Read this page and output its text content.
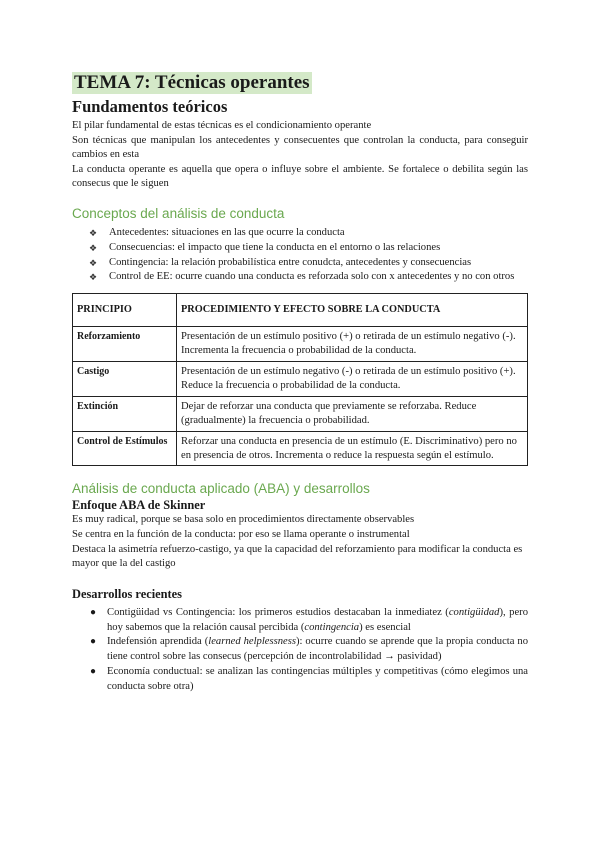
TEMA 7: Técnicas operantes
Fundamentos teóricos

El pilar fundamental de estas técnicas es el condicionamiento operante

Son técnicas que manipulan los antecedentes y consecuentes que controlan la conducta, para conseguir cambios en esta

La conducta operante es aquella que opera o influye sobre el ambiente. Se fortalece o debilita según las consecus que le siguen

Conceptos del análisis de conducta
❖ Antecedentes: situaciones en las que ocurre la conducta
❖ Consecuencias: el impacto que tiene la conducta en el entorno o las relaciones
❖ Contingencia: la relación probabilística entre conudcta, antecedentes y consecuencias
❖ Control de EE: ocurre cuando una conducta es reforzada solo con x antecedentes y no con otros
PRINCIPIO	PROCEDIMIENTO Y EFECTO SOBRE LA CONDUCTA
Reforzamiento	Presentación de un estímulo positivo (+) o retirada de un estímulo negativo (-). Incrementa la frecuencia o probabilidad de la conducta.
Castigo	Presentación de un estímulo negativo (-) o retirada de un estímulo positivo (+). Reduce la frecuencia o probabilidad de la conducta.
Extinción	Dejar de reforzar una conducta que previamente se reforzaba. Reduce (gradualmente) la frecuencia o probabilidad.
Control de Estímulos	Reforzar una conducta en presencia de un estímulo (E. Discriminativo) pero no en presencia de otros. Incrementa o reduce la respuesta según el estímulo.
Análisis de conducta aplicado (ABA) y desarrollos
Enfoque ABA de Skinner

Es muy radical, porque se basa solo en procedimientos directamente observables

Se centra en la función de la conducta: por eso se llama operante o instrumental

Destaca la asimetría refuerzo-castigo, ya que la capacidad del reforzamiento para modificar la conducta es mayor que la del castigo

Desarrollos recientes
● Contigüidad vs Contingencia: los primeros estudios destacaban la inmediatez (contigüidad), pero hoy sabemos que la relación causal percibida (contingencia) es esencial
● Indefensión aprendida (learned helplessness): ocurre cuando se aprende que la propia conducta no tiene control sobre las consecus (percepción de incontrolabilidad → pasividad)
● Economía conductual: se analizan las contingencias múltiples y competitivas (cómo elegimos una conducta sobre otra)
